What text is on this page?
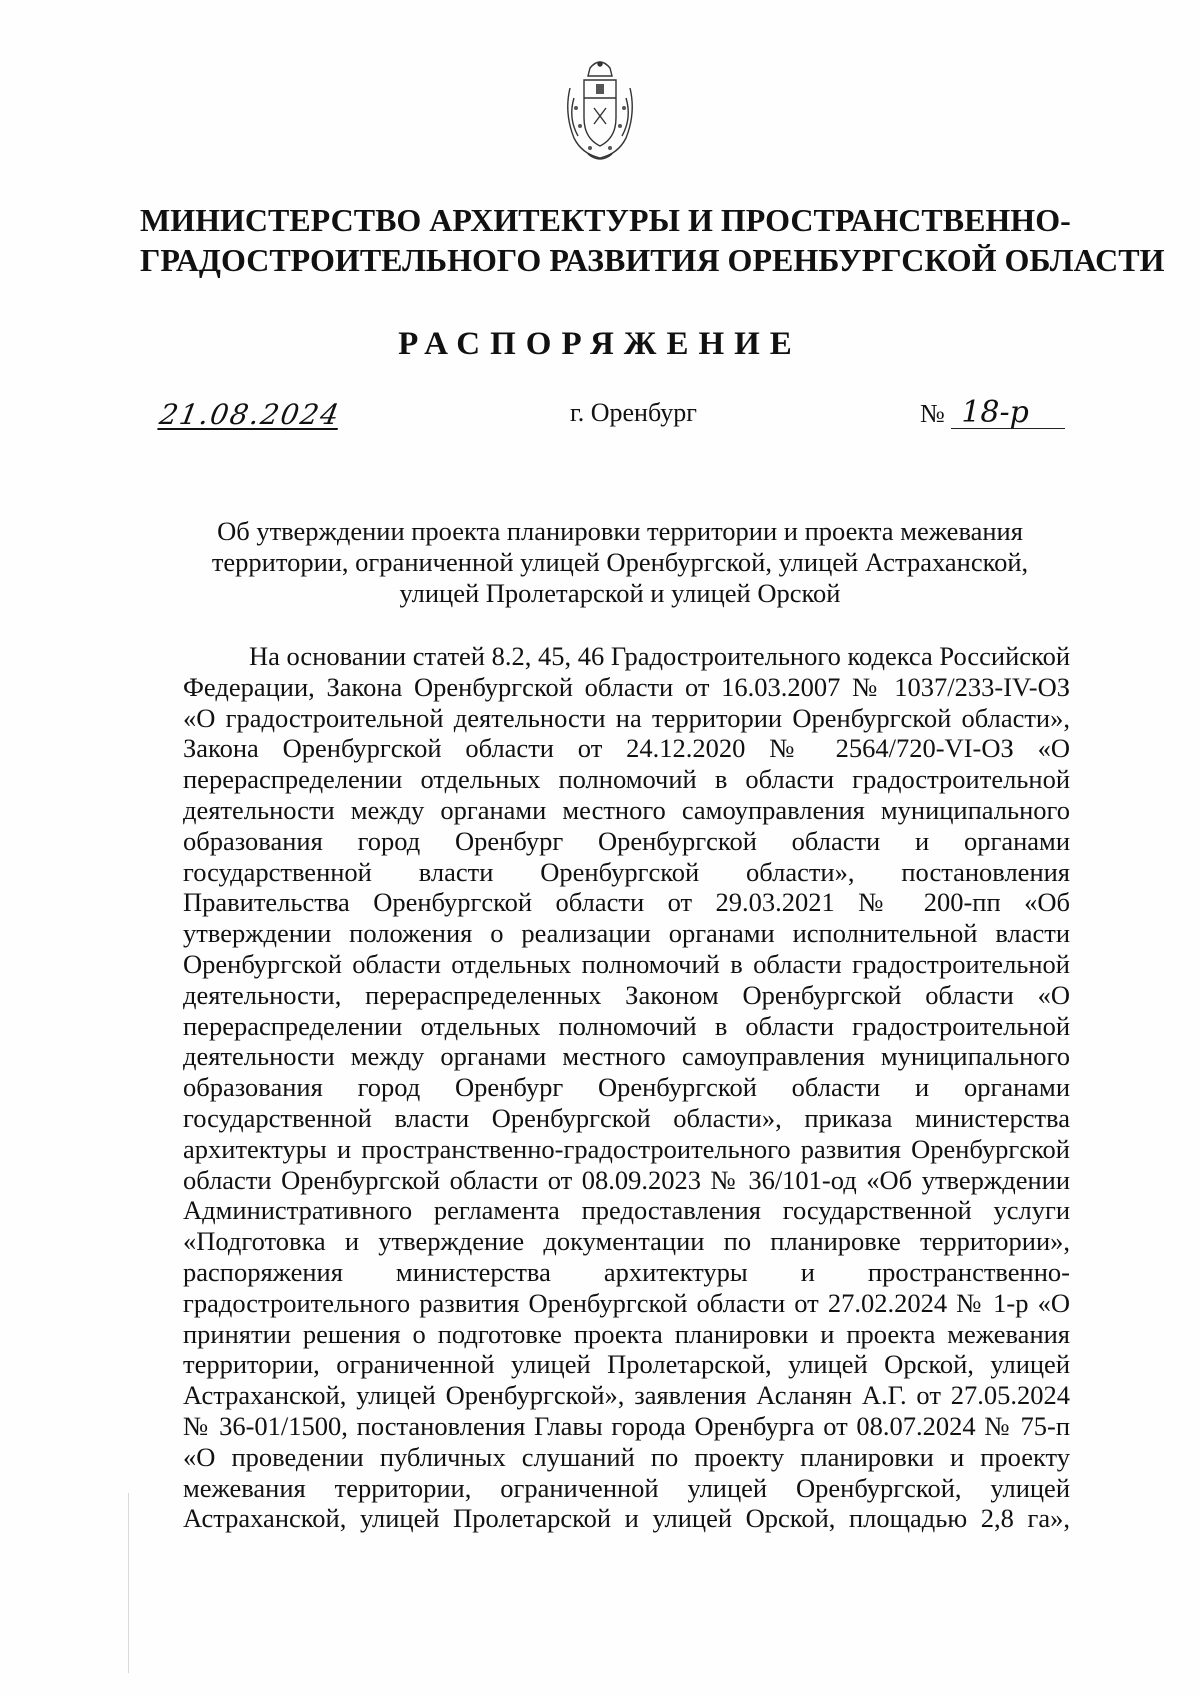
МИНИСТЕРСТВО АРХИТЕКТУРЫ И ПРОСТРАНСТВЕННО-
ГРАДОСТРОИТЕЛЬНОГО РАЗВИТИЯ ОРЕНБУРГСКОЙ ОБЛАСТИ
РАСПОРЯЖЕНИЕ
21.08.2024	г. Оренбург	№ 18-р
Об утверждении проекта планировки территории и проекта межевания
территории, ограниченной улицей Оренбургской, улицей Астраханской,
улицей Пролетарской и улицей Орской
На основании статей 8.2, 45, 46 Градостроительного кодекса Российской
Федерации, Закона Оренбургской области от 16.03.2007 № 1037/233-IV-ОЗ
«О градостроительной деятельности на территории Оренбургской области»,
Закона Оренбургской области от 24.12.2020 № 2564/720-VI-ОЗ «О
перераспределении отдельных полномочий в области градостроительной
деятельности между органами местного самоуправления муниципального
образования город Оренбург Оренбургской области и органами
государственной власти Оренбургской области», постановления
Правительства Оренбургской области от 29.03.2021 № 200-пп «Об
утверждении положения о реализации органами исполнительной власти
Оренбургской области отдельных полномочий в области градостроительной
деятельности, перераспределенных Законом Оренбургской области «О
перераспределении отдельных полномочий в области градостроительной
деятельности между органами местного самоуправления муниципального
образования город Оренбург Оренбургской области и органами
государственной власти Оренбургской области», приказа министерства
архитектуры и пространственно-градостроительного развития Оренбургской
области Оренбургской области от 08.09.2023 № 36/101-од «Об утверждении
Административного регламента предоставления государственной услуги
«Подготовка и утверждение документации по планировке территории»,
распоряжения министерства архитектуры и пространственно-
градостроительного развития Оренбургской области от 27.02.2024 № 1-р «О
принятии решения о подготовке проекта планировки и проекта межевания
территории, ограниченной улицей Пролетарской, улицей Орской, улицей
Астраханской, улицей Оренбургской», заявления Асланян А.Г. от 27.05.2024
№ 36-01/1500, постановления Главы города Оренбурга от 08.07.2024 № 75-п
«О проведении публичных слушаний по проекту планировки и проекту
межевания территории, ограниченной улицей Оренбургской, улицей
Астраханской, улицей Пролетарской и улицей Орской, площадью 2,8 га»,
